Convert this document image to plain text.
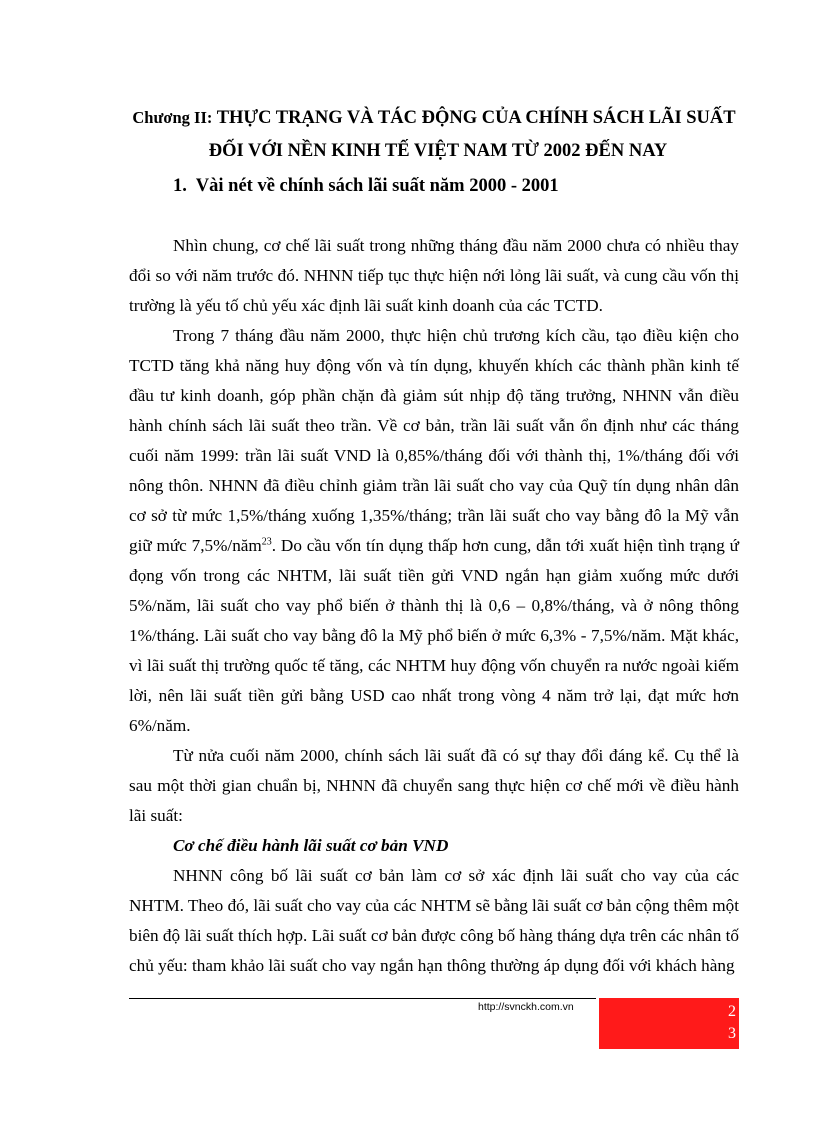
Chương II: THỰC TRẠNG VÀ TÁC ĐỘNG CỦA CHÍNH SÁCH LÃI SUẤT
ĐỐI VỚI NỀN KINH TẾ VIỆT NAM TỪ 2002 ĐẾN NAY
1. Vài nét về chính sách lãi suất năm 2000 - 2001

Nhìn chung, cơ chế lãi suất trong những tháng đầu năm 2000 chưa có nhiều thay đổi so với năm trước đó. NHNN tiếp tục thực hiện nới lỏng lãi suất, và cung cầu vốn thị trường là yếu tố chủ yếu xác định lãi suất kinh doanh của các TCTD.

Trong 7 tháng đầu năm 2000, thực hiện chủ trương kích cầu, tạo điều kiện cho TCTD tăng khả năng huy động vốn và tín dụng, khuyến khích các thành phần kinh tế đầu tư kinh doanh, góp phần chặn đà giảm sút nhịp độ tăng trưởng, NHNN vẫn điều hành chính sách lãi suất theo trần. Về cơ bản, trần lãi suất vẫn ổn định như các tháng cuối năm 1999: trần lãi suất VND là 0,85%/tháng đối với thành thị, 1%/tháng đối với nông thôn. NHNN đã điều chỉnh giảm trần lãi suất cho vay của Quỹ tín dụng nhân dân cơ sở từ mức 1,5%/tháng xuống 1,35%/tháng; trần lãi suất cho vay bằng đô la Mỹ vẫn giữ mức 7,5%/năm$^{23}$. Do cầu vốn tín dụng thấp hơn cung, dẫn tới xuất hiện tình trạng ứ đọng vốn trong các NHTM, lãi suất tiền gửi VND ngắn hạn giảm xuống mức dưới 5%/năm, lãi suất cho vay phổ biến ở thành thị là 0,6 – 0,8%/tháng, và ở nông thông 1%/tháng. Lãi suất cho vay bằng đô la Mỹ phổ biến ở mức 6,3% - 7,5%/năm. Mặt khác, vì lãi suất thị trường quốc tế tăng, các NHTM huy động vốn chuyển ra nước ngoài kiếm lời, nên lãi suất tiền gửi bằng USD cao nhất trong vòng 4 năm trở lại, đạt mức hơn 6%/năm.

Từ nửa cuối năm 2000, chính sách lãi suất đã có sự thay đổi đáng kể. Cụ thể là sau một thời gian chuẩn bị, NHNN đã chuyển sang thực hiện cơ chế mới về điều hành lãi suất:

Cơ chế điều hành lãi suất cơ bản VND

NHNN công bố lãi suất cơ bản làm cơ sở xác định lãi suất cho vay của các NHTM. Theo đó, lãi suất cho vay của các NHTM sẽ bằng lãi suất cơ bản cộng thêm một biên độ lãi suất thích hợp. Lãi suất cơ bản được công bố hàng tháng dựa trên các nhân tố chủ yếu: tham khảo lãi suất cho vay ngắn hạn thông thường áp dụng đối với khách hàng

http://svnckh.com.vn	2
3
